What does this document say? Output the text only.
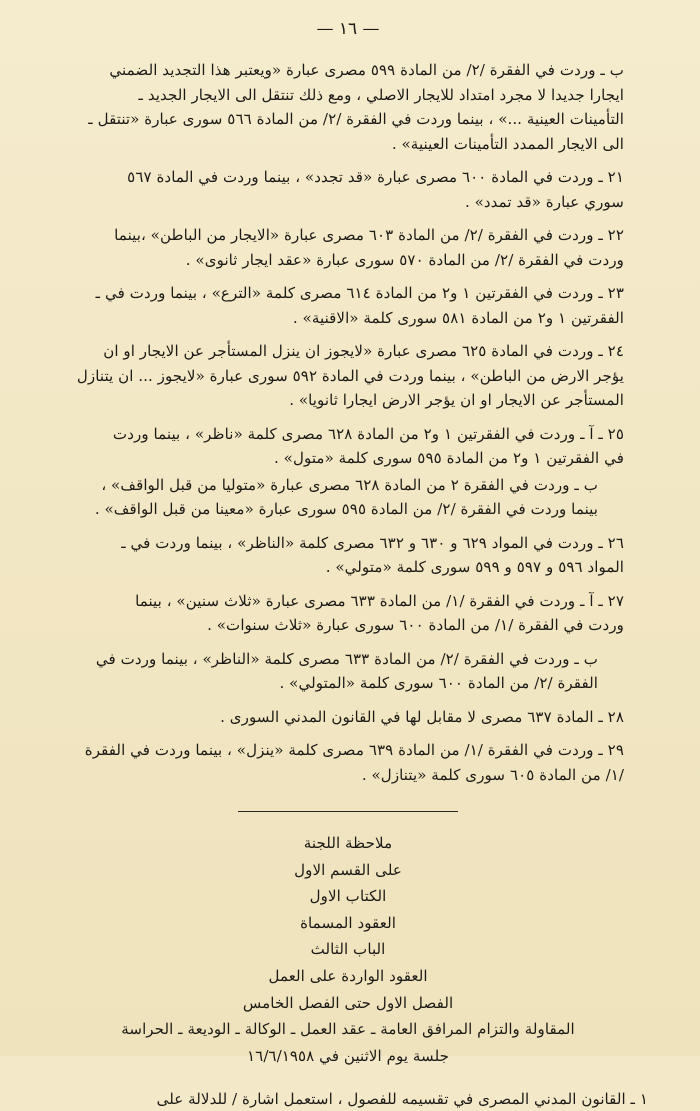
— ١٦ —

ب ـ وردت في الفقرة /٢/ من المادة ٥٩٩ مصرى عبارة «ويعتبر هذا التجديد الضمني
ايجارا جديدا لا مجرد امتداد للايجار الاصلي ، ومع ذلك تنتقل الى الايجار الجديد ـ
التأمينات العينية ...» ، بينما وردت في الفقرة /٢/ من المادة ٥٦٦ سورى عبارة «تنتقل ـ
الى الايجار الممدد التأمينات العينية» .

٢١ ـ وردت في المادة ٦٠٠ مصرى عبارة «قد تجدد» ، بينما وردت في المادة ٥٦٧
سوري عبارة «قد تمدد» .

٢٢ ـ وردت في الفقرة /٢/ من المادة ٦٠٣ مصرى عبارة «الايجار من الباطن» ،بينما
وردت في الفقرة /٢/ من المادة ٥٧٠ سورى عبارة «عقد ايجار ثانوى» .

٢٣ ـ وردت في الفقرتين ١ و٢ من المادة ٦١٤ مصرى كلمة «الترع» ، بينما وردت في ـ
الفقرتين ١ و٢ من المادة ٥٨١ سورى كلمة «الاقنية» .

٢٤ ـ وردت في المادة ٦٢٥ مصرى عبارة «لايجوز ان ينزل المستأجر عن الايجار او ان
يؤجر الارض من الباطن» ، بينما وردت في المادة ٥٩٢ سورى عبارة «لايجوز ... ان يتنازل
المستأجر عن الايجار او ان يؤجر الارض ايجارا ثانويا» .

٢٥ ـ آ ـ وردت في الفقرتين ١ و٢ من المادة ٦٢٨ مصرى كلمة «ناظر» ، بينما وردت
في الفقرتين ١ و٢ من المادة ٥٩٥ سورى كلمة «متول» .

ب ـ وردت في الفقرة ٢ من المادة ٦٢٨ مصرى عبارة «متوليا من قبل الواقف» ،
بينما وردت في الفقرة /٢/ من المادة ٥٩٥ سورى عبارة «معينا من قبل الواقف» .

٢٦ ـ وردت في المواد ٦٢٩ و ٦٣٠ و ٦٣٢ مصرى كلمة «الناظر» ، بينما وردت في ـ
المواد ٥٩٦ و ٥٩٧ و ٥٩٩ سورى كلمة «متولي» .

٢٧ ـ آ ـ وردت في الفقرة /١/ من المادة ٦٣٣ مصرى عبارة «ثلاث سنين» ، بينما
وردت في الفقرة /١/ من المادة ٦٠٠ سورى عبارة «ثلاث سنوات» .

ب ـ وردت في الفقرة /٢/ من المادة ٦٣٣ مصرى كلمة «الناظر» ، بينما وردت في
الفقرة /٢/ من المادة ٦٠٠ سورى كلمة «المتولي» .

٢٨ ـ المادة ٦٣٧ مصرى لا مقابل لها في القانون المدني السورى .

٢٩ ـ وردت في الفقرة /١/ من المادة ٦٣٩ مصرى كلمة «ينزل» ، بينما وردت في الفقرة
/١/ من المادة ٦٠٥ سورى كلمة «يتنازل» .

ملاحظة اللجنة
على القسم الاول
الكتاب الاول
العقود المسماة
الباب الثالث
العقود الواردة على العمل
الفصل الاول حتى الفصل الخامس
المقاولة والتزام المرافق العامة ـ عقد العمل ـ الوكالة ـ الوديعة ـ الحراسة
جلسة يوم الاثنين في ١٦/٦/١٩٥٨
١ ـ القانون المدني المصرى في تقسيمه للفصول ، استعمل اشارة / للدلالة على
